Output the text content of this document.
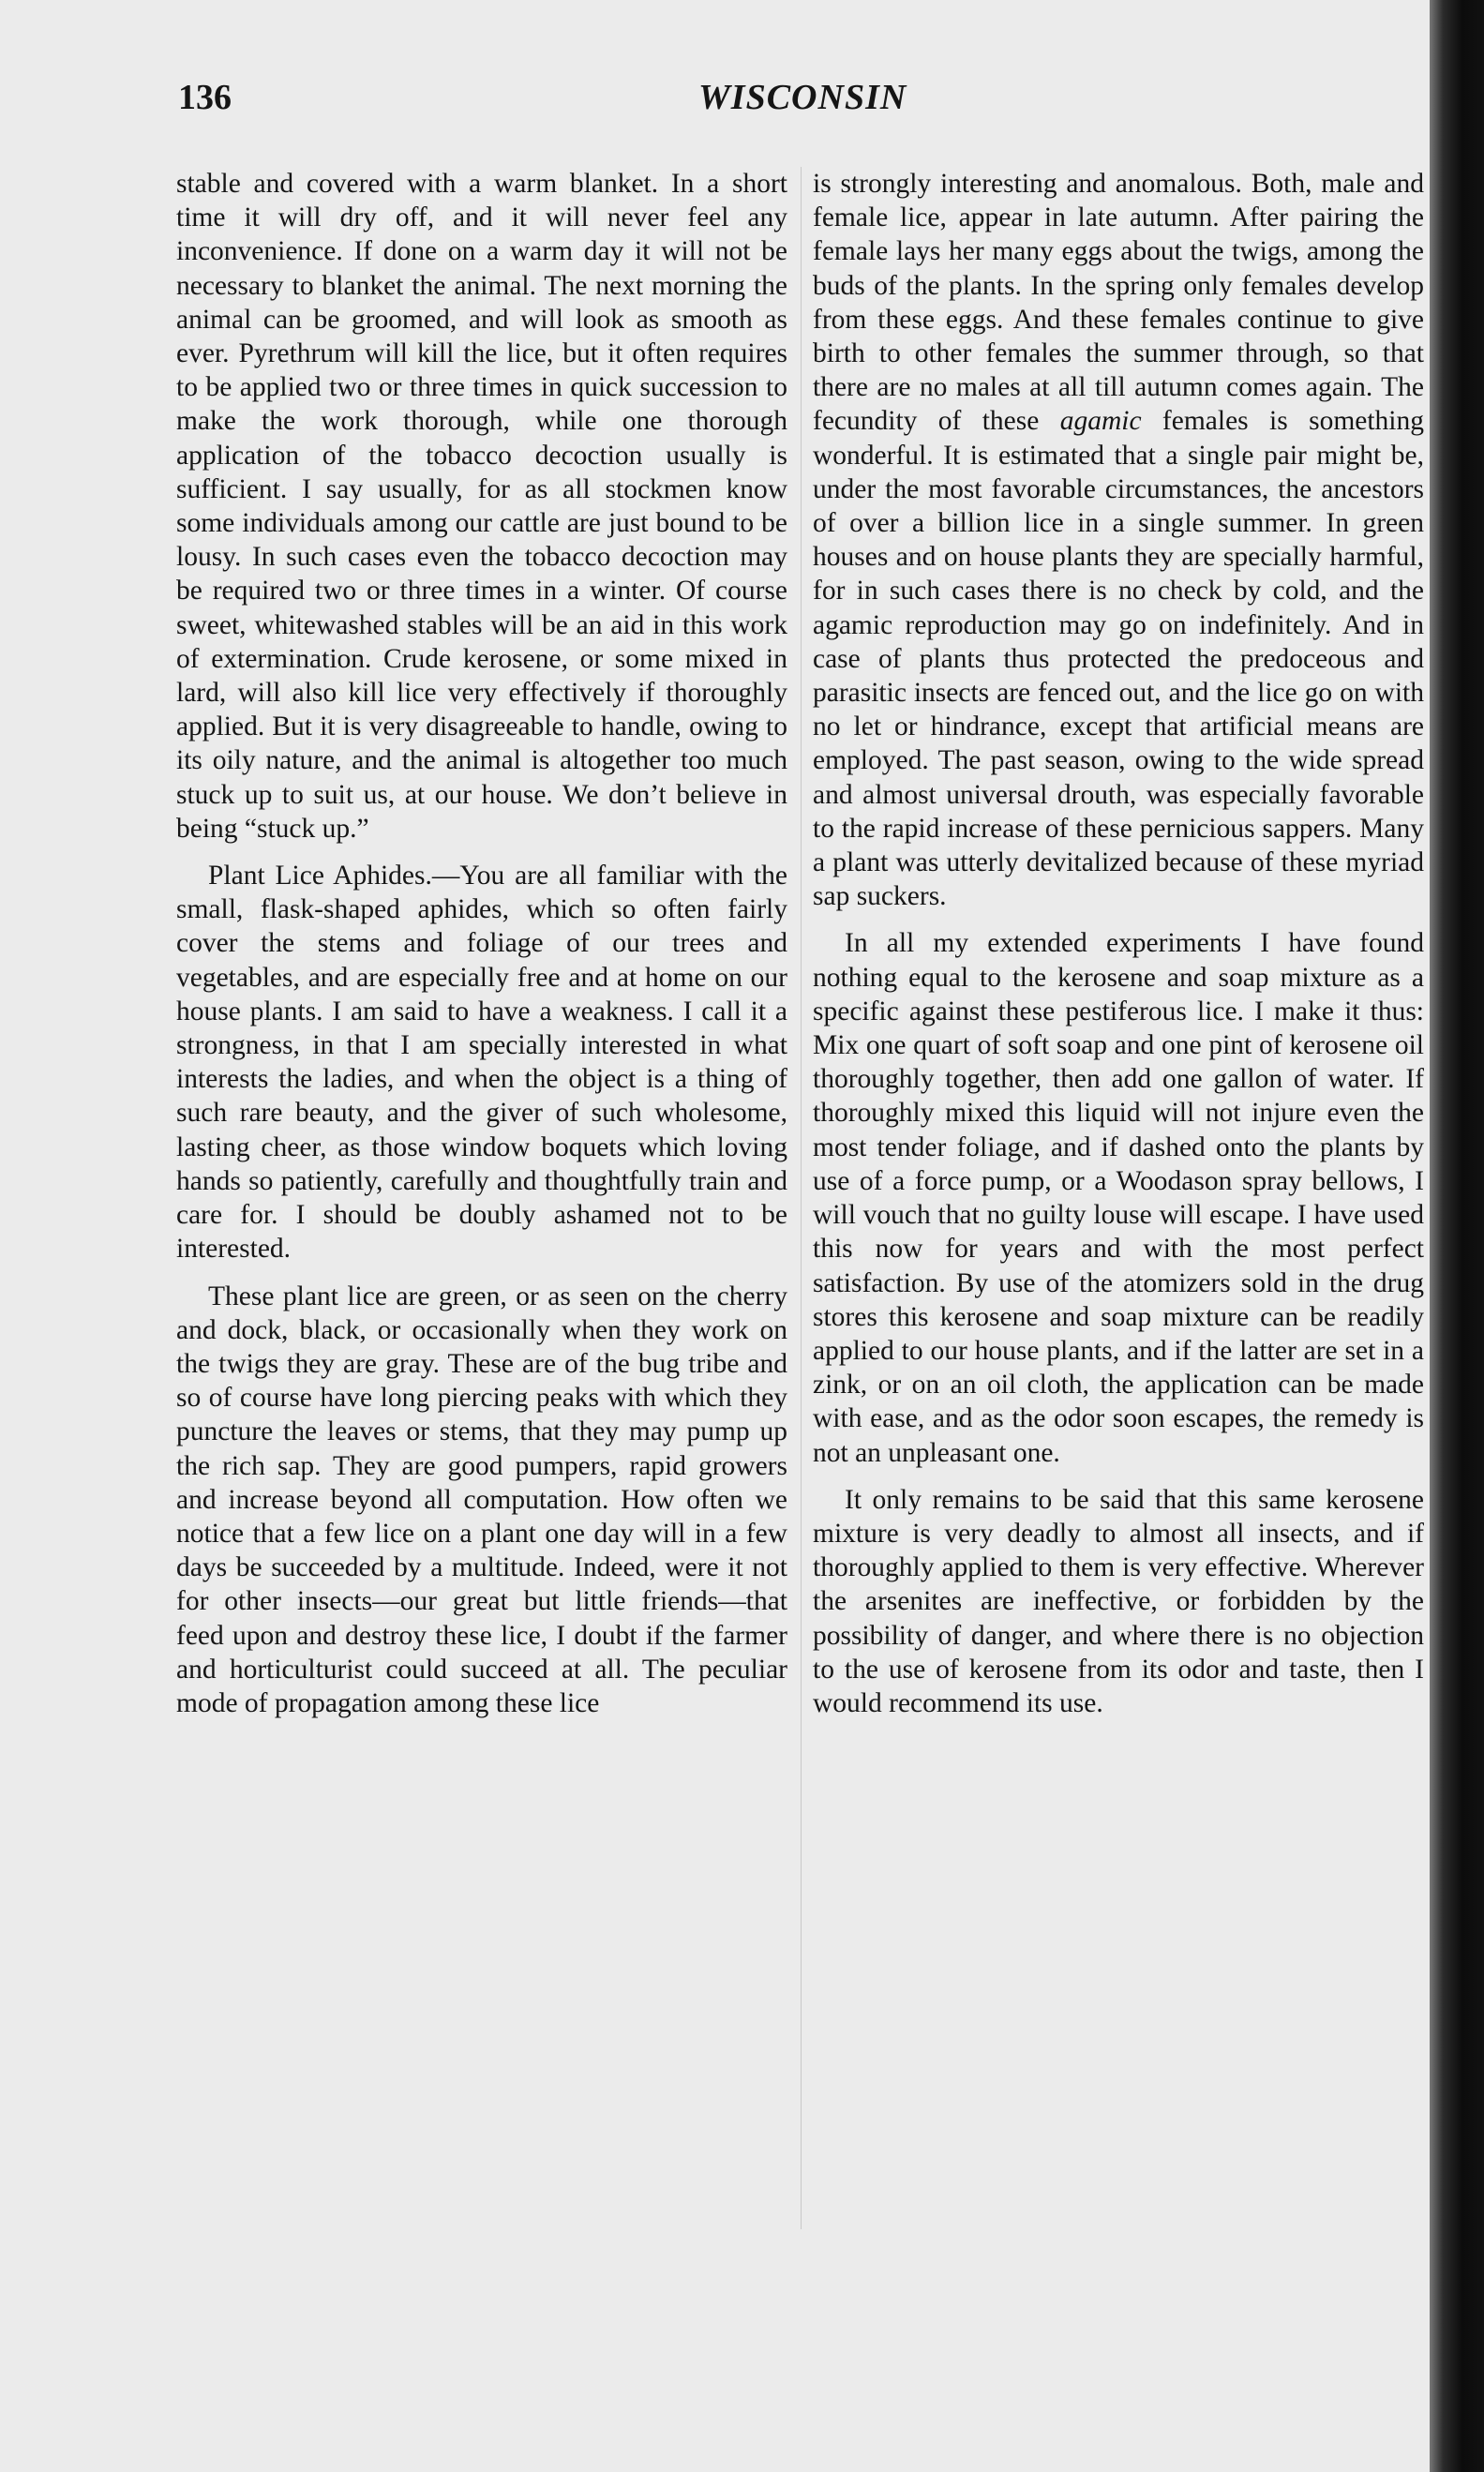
136	WISCONSIN

stable and covered with a warm blanket. In a short time it will dry off, and it will never feel any inconvenience. If done on a warm day it will not be necessary to blanket the animal. The next morning the animal can be groomed, and will look as smooth as ever. Pyrethrum will kill the lice, but it often requires to be applied two or three times in quick succession to make the work thorough, while one thorough application of the tobacco decoction usually is sufficient. I say usually, for as all stockmen know some individuals among our cattle are just bound to be lousy. In such cases even the tobacco decoction may be required two or three times in a winter. Of course sweet, whitewashed stables will be an aid in this work of extermination. Crude kerosene, or some mixed in lard, will also kill lice very effectively if thoroughly applied. But it is very disagreeable to handle, owing to its oily nature, and the animal is altogether too much stuck up to suit us, at our house. We don’t believe in being “stuck up.”

Plant Lice Aphides.—You are all familiar with the small, flask-shaped aphides, which so often fairly cover the stems and foliage of our trees and vegetables, and are especially free and at home on our house plants. I am said to have a weakness. I call it a strongness, in that I am specially interested in what interests the ladies, and when the object is a thing of such rare beauty, and the giver of such wholesome, lasting cheer, as those window boquets which loving hands so patiently, carefully and thoughtfully train and care for. I should be doubly ashamed not to be interested.

These plant lice are green, or as seen on the cherry and dock, black, or occasionally when they work on the twigs they are gray. These are of the bug tribe and so of course have long piercing peaks with which they puncture the leaves or stems, that they may pump up the rich sap. They are good pumpers, rapid growers and increase beyond all computation. How often we notice that a few lice on a plant one day will in a few days be succeeded by a multitude. Indeed, were it not for other insects—our great but little friends—that feed upon and destroy these lice, I doubt if the farmer and horticulturist could succeed at all. The peculiar mode of propagation among these lice

is strongly interesting and anomalous. Both, male and female lice, appear in late autumn. After pairing the female lays her many eggs about the twigs, among the buds of the plants. In the spring only females develop from these eggs. And these females continue to give birth to other females the summer through, so that there are no males at all till autumn comes again. The fecundity of these agamic females is something wonderful. It is estimated that a single pair might be, under the most favorable circumstances, the ancestors of over a billion lice in a single summer. In green houses and on house plants they are specially harmful, for in such cases there is no check by cold, and the agamic reproduction may go on indefinitely. And in case of plants thus protected the predoceous and parasitic insects are fenced out, and the lice go on with no let or hindrance, except that artificial means are employed. The past season, owing to the wide spread and almost universal drouth, was especially favorable to the rapid increase of these pernicious sappers. Many a plant was utterly devitalized because of these myriad sap suckers.

In all my extended experiments I have found nothing equal to the kerosene and soap mixture as a specific against these pestiferous lice. I make it thus: Mix one quart of soft soap and one pint of kerosene oil thoroughly together, then add one gallon of water. If thoroughly mixed this liquid will not injure even the most tender foliage, and if dashed onto the plants by use of a force pump, or a Woodason spray bellows, I will vouch that no guilty louse will escape. I have used this now for years and with the most perfect satisfaction. By use of the atomizers sold in the drug stores this kerosene and soap mixture can be readily applied to our house plants, and if the latter are set in a zink, or on an oil cloth, the application can be made with ease, and as the odor soon escapes, the remedy is not an unpleasant one.

It only remains to be said that this same kerosene mixture is very deadly to almost all insects, and if thoroughly applied to them is very effective. Wherever the arsenites are ineffective, or forbidden by the possibility of danger, and where there is no objection to the use of kerosene from its odor and taste, then I would recommend its use.
